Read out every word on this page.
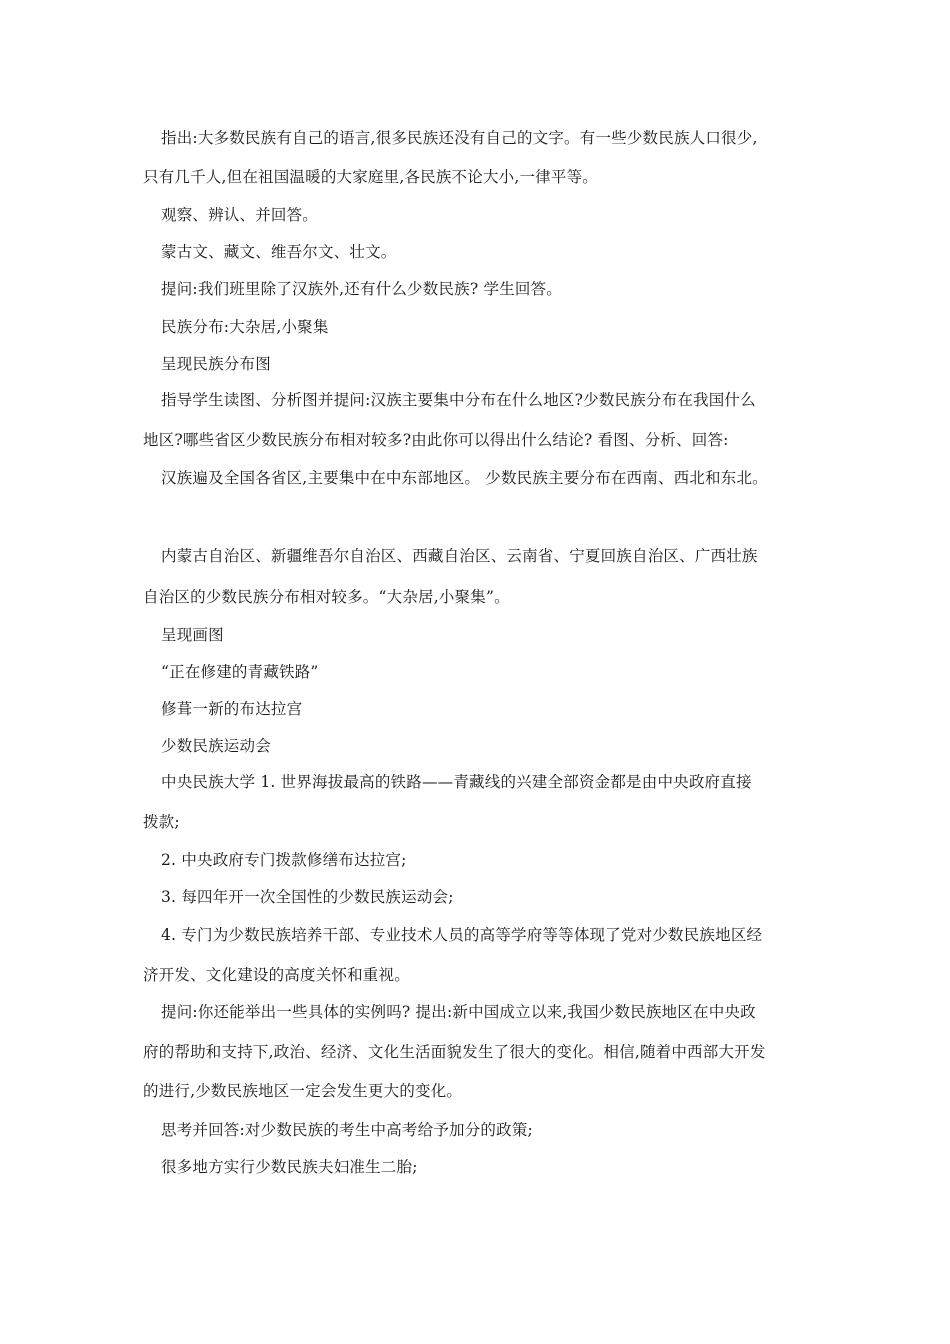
指出:大多数民族有自己的语言,很多民族还没有自己的文字。有一些少数民族人口很少,
只有几千人,但在祖国温暖的大家庭里,各民族不论大小,一律平等。
观察、辨认、并回答。
蒙古文、藏文、维吾尔文、壮文。
提问:我们班里除了汉族外,还有什么少数民族? 学生回答。
民族分布:大杂居,小聚集
呈现民族分布图
指导学生读图、分析图并提问:汉族主要集中分布在什么地区?少数民族分布在我国什么
地区?哪些省区少数民族分布相对较多?由此你可以得出什么结论? 看图、分析、回答:
汉族遍及全国各省区,主要集中在中东部地区。 少数民族主要分布在西南、西北和东北。
内蒙古自治区、新疆维吾尔自治区、西藏自治区、云南省、宁夏回族自治区、广西壮族
自治区的少数民族分布相对较多。“大杂居,小聚集”。
呈现画图
“正在修建的青藏铁路”
修葺一新的布达拉宫
少数民族运动会
中央民族大学 1. 世界海拔最高的铁路——青藏线的兴建全部资金都是由中央政府直接
拨款;
2. 中央政府专门拨款修缮布达拉宫;
3. 每四年开一次全国性的少数民族运动会;
4. 专门为少数民族培养干部、专业技术人员的高等学府等等体现了党对少数民族地区经
济开发、文化建设的高度关怀和重视。
提问:你还能举出一些具体的实例吗? 提出:新中国成立以来,我国少数民族地区在中央政
府的帮助和支持下,政治、经济、文化生活面貌发生了很大的变化。相信,随着中西部大开发
的进行,少数民族地区一定会发生更大的变化。
思考并回答:对少数民族的考生中高考给予加分的政策;
很多地方实行少数民族夫妇准生二胎;
